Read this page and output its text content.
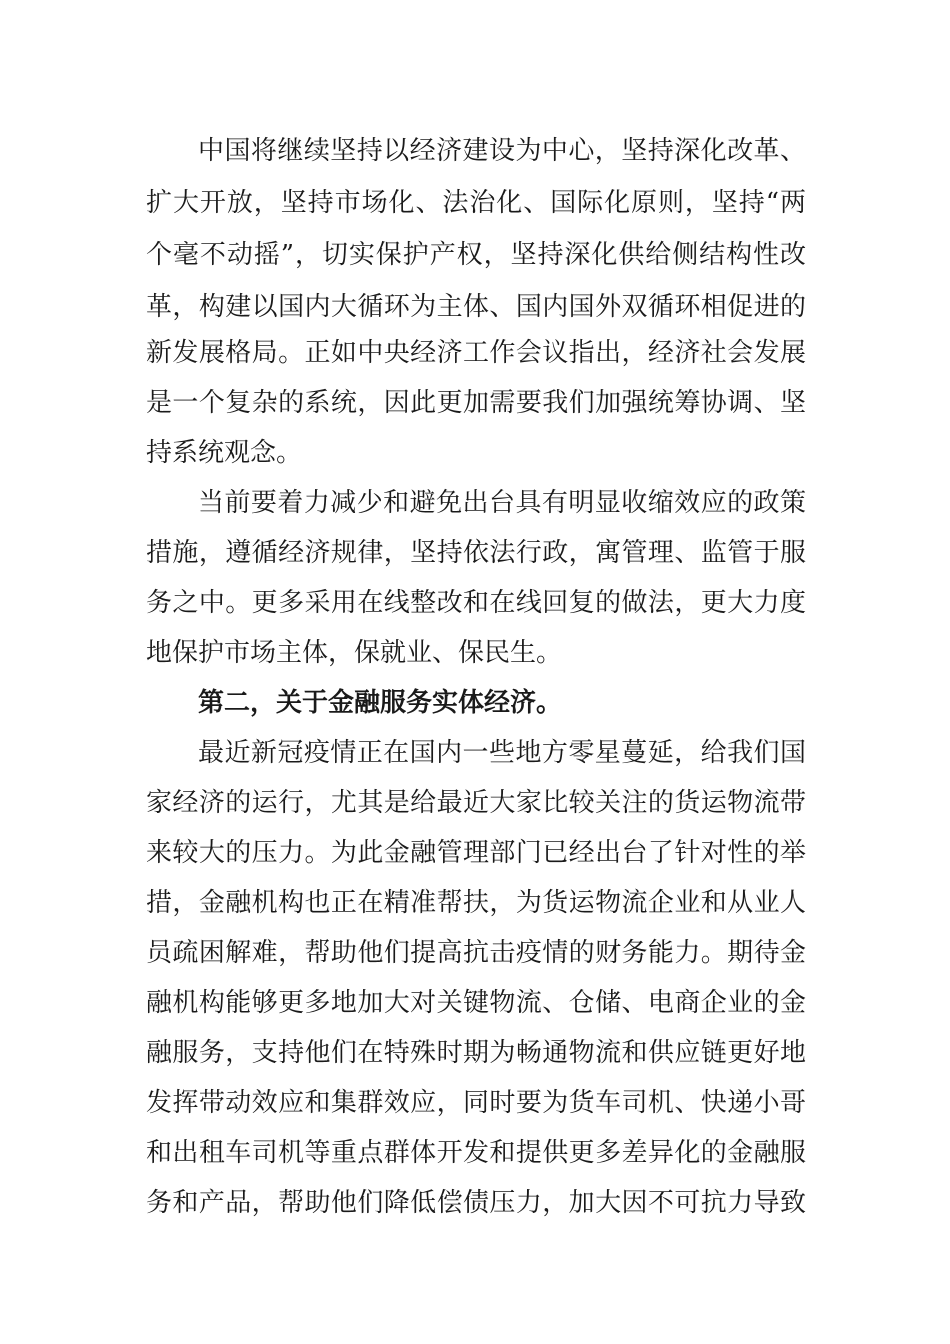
中国将继续坚持以经济建设为中心，坚持深化改革、
扩大开放，坚持市场化、法治化、国际化原则，坚持“两
个毫不动摇”，切实保护产权，坚持深化供给侧结构性改
革，构建以国内大循环为主体、国内国外双循环相促进的
新发展格局。正如中央经济工作会议指出，经济社会发展
是一个复杂的系统，因此更加需要我们加强统筹协调、坚
持系统观念。
当前要着力减少和避免出台具有明显收缩效应的政策
措施，遵循经济规律，坚持依法行政，寓管理、监管于服
务之中。更多采用在线整改和在线回复的做法，更大力度
地保护市场主体，保就业、保民生。
第二，关于金融服务实体经济。
最近新冠疫情正在国内一些地方零星蔓延，给我们国
家经济的运行，尤其是给最近大家比较关注的货运物流带
来较大的压力。为此金融管理部门已经出台了针对性的举
措，金融机构也正在精准帮扶，为货运物流企业和从业人
员疏困解难，帮助他们提高抗击疫情的财务能力。期待金
融机构能够更多地加大对关键物流、仓储、电商企业的金
融服务，支持他们在特殊时期为畅通物流和供应链更好地
发挥带动效应和集群效应，同时要为货车司机、快递小哥
和出租车司机等重点群体开发和提供更多差异化的金融服
务和产品，帮助他们降低偿债压力，加大因不可抗力导致
